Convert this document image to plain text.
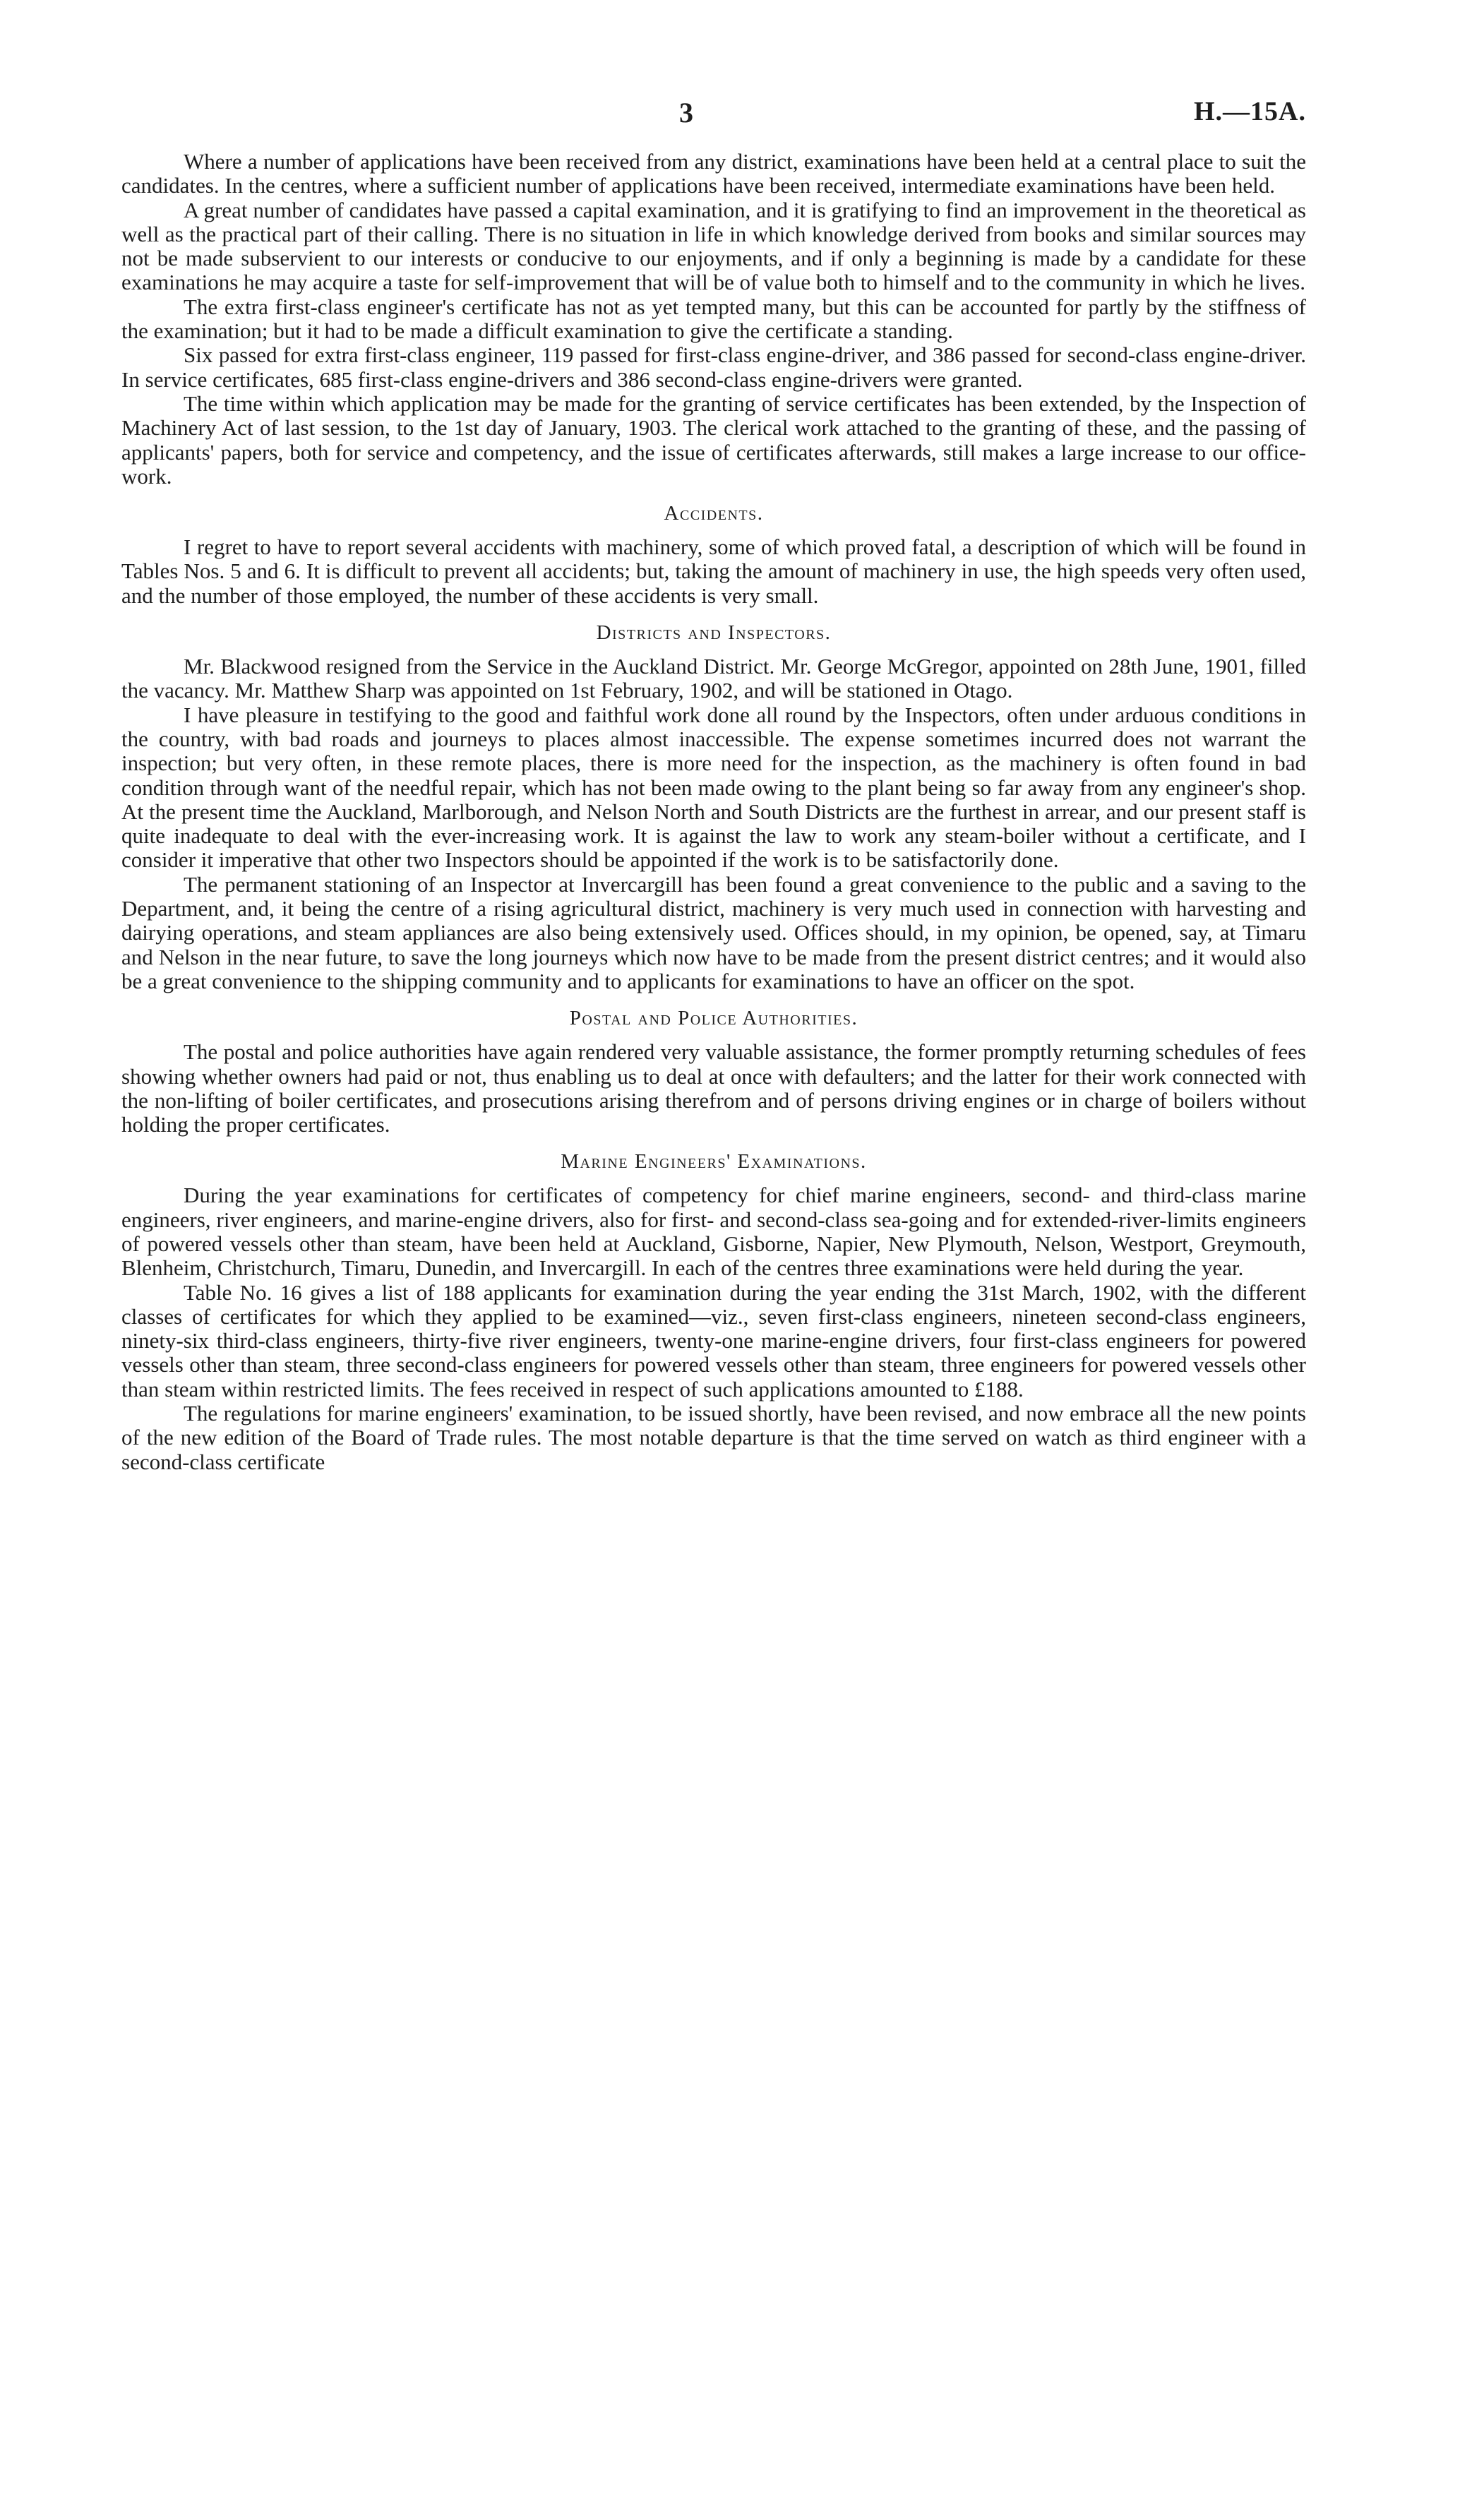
3	H.—15A.

Where a number of applications have been received from any district, examinations have been held at a central place to suit the candidates. In the centres, where a sufficient number of applications have been received, intermediate examinations have been held.

A great number of candidates have passed a capital examination, and it is gratifying to find an improvement in the theoretical as well as the practical part of their calling. There is no situation in life in which knowledge derived from books and similar sources may not be made subservient to our interests or conducive to our enjoyments, and if only a beginning is made by a candidate for these examinations he may acquire a taste for self-improvement that will be of value both to himself and to the community in which he lives.

The extra first-class engineer's certificate has not as yet tempted many, but this can be accounted for partly by the stiffness of the examination; but it had to be made a difficult examination to give the certificate a standing.

Six passed for extra first-class engineer, 119 passed for first-class engine-driver, and 386 passed for second-class engine-driver. In service certificates, 685 first-class engine-drivers and 386 second-class engine-drivers were granted.

The time within which application may be made for the granting of service certificates has been extended, by the Inspection of Machinery Act of last session, to the 1st day of January, 1903. The clerical work attached to the granting of these, and the passing of applicants' papers, both for service and competency, and the issue of certificates afterwards, still makes a large increase to our office-work.

Accidents.

I regret to have to report several accidents with machinery, some of which proved fatal, a description of which will be found in Tables Nos. 5 and 6. It is difficult to prevent all accidents; but, taking the amount of machinery in use, the high speeds very often used, and the number of those employed, the number of these accidents is very small.

Districts and Inspectors.

Mr. Blackwood resigned from the Service in the Auckland District. Mr. George McGregor, appointed on 28th June, 1901, filled the vacancy. Mr. Matthew Sharp was appointed on 1st February, 1902, and will be stationed in Otago.

I have pleasure in testifying to the good and faithful work done all round by the Inspectors, often under arduous conditions in the country, with bad roads and journeys to places almost inaccessible. The expense sometimes incurred does not warrant the inspection; but very often, in these remote places, there is more need for the inspection, as the machinery is often found in bad condition through want of the needful repair, which has not been made owing to the plant being so far away from any engineer's shop. At the present time the Auckland, Marlborough, and Nelson North and South Districts are the furthest in arrear, and our present staff is quite inadequate to deal with the ever-increasing work. It is against the law to work any steam-boiler without a certificate, and I consider it imperative that other two Inspectors should be appointed if the work is to be satisfactorily done.

The permanent stationing of an Inspector at Invercargill has been found a great convenience to the public and a saving to the Department, and, it being the centre of a rising agricultural district, machinery is very much used in connection with harvesting and dairying operations, and steam appliances are also being extensively used. Offices should, in my opinion, be opened, say, at Timaru and Nelson in the near future, to save the long journeys which now have to be made from the present district centres; and it would also be a great convenience to the shipping community and to applicants for examinations to have an officer on the spot.

Postal and Police Authorities.

The postal and police authorities have again rendered very valuable assistance, the former promptly returning schedules of fees showing whether owners had paid or not, thus enabling us to deal at once with defaulters; and the latter for their work connected with the non-lifting of boiler certificates, and prosecutions arising therefrom and of persons driving engines or in charge of boilers without holding the proper certificates.

Marine Engineers' Examinations.

During the year examinations for certificates of competency for chief marine engineers, second- and third-class marine engineers, river engineers, and marine-engine drivers, also for first- and second-class sea-going and for extended-river-limits engineers of powered vessels other than steam, have been held at Auckland, Gisborne, Napier, New Plymouth, Nelson, Westport, Greymouth, Blenheim, Christchurch, Timaru, Dunedin, and Invercargill. In each of the centres three examinations were held during the year.

Table No. 16 gives a list of 188 applicants for examination during the year ending the 31st March, 1902, with the different classes of certificates for which they applied to be examined—viz., seven first-class engineers, nineteen second-class engineers, ninety-six third-class engineers, thirty-five river engineers, twenty-one marine-engine drivers, four first-class engineers for powered vessels other than steam, three second-class engineers for powered vessels other than steam, three engineers for powered vessels other than steam within restricted limits. The fees received in respect of such applications amounted to £188.

The regulations for marine engineers' examination, to be issued shortly, have been revised, and now embrace all the new points of the new edition of the Board of Trade rules. The most notable departure is that the time served on watch as third engineer with a second-class certificate
